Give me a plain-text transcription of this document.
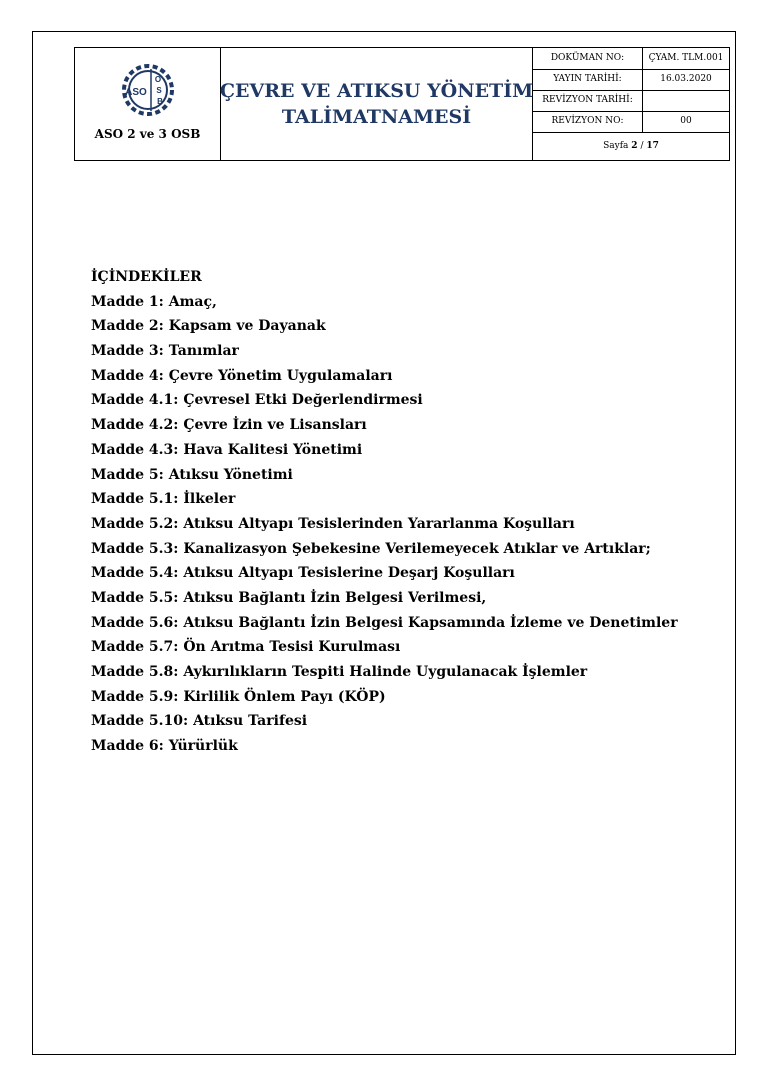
ASO
O
S
B
ASO 2 ve 3 OSB
ÇEVRE VE ATIKSU YÖNETİM
TALİMATNAMESİ
DOKÜMAN NO:	ÇYAM. TLM.001
YAYIN TARİHİ:	16.03.2020
REVİZYON TARİHİ:
REVİZYON NO:	00
Sayfa 2 / 17
İÇİNDEKİLER
Madde 1: Amaç,
Madde 2: Kapsam ve Dayanak
Madde 3: Tanımlar
Madde 4: Çevre Yönetim Uygulamaları
Madde 4.1: Çevresel Etki Değerlendirmesi
Madde 4.2: Çevre İzin ve Lisansları
Madde 4.3: Hava Kalitesi Yönetimi
Madde 5: Atıksu Yönetimi
Madde 5.1: İlkeler
Madde 5.2: Atıksu Altyapı Tesislerinden Yararlanma Koşulları
Madde 5.3: Kanalizasyon Şebekesine Verilemeyecek Atıklar ve Artıklar;
Madde 5.4: Atıksu Altyapı Tesislerine Deşarj Koşulları
Madde 5.5: Atıksu Bağlantı İzin Belgesi Verilmesi,
Madde 5.6: Atıksu Bağlantı İzin Belgesi Kapsamında İzleme ve Denetimler
Madde 5.7: Ön Arıtma Tesisi Kurulması
Madde 5.8: Aykırılıkların Tespiti Halinde Uygulanacak İşlemler
Madde 5.9: Kirlilik Önlem Payı (KÖP)
Madde 5.10: Atıksu Tarifesi
Madde 6: Yürürlük
